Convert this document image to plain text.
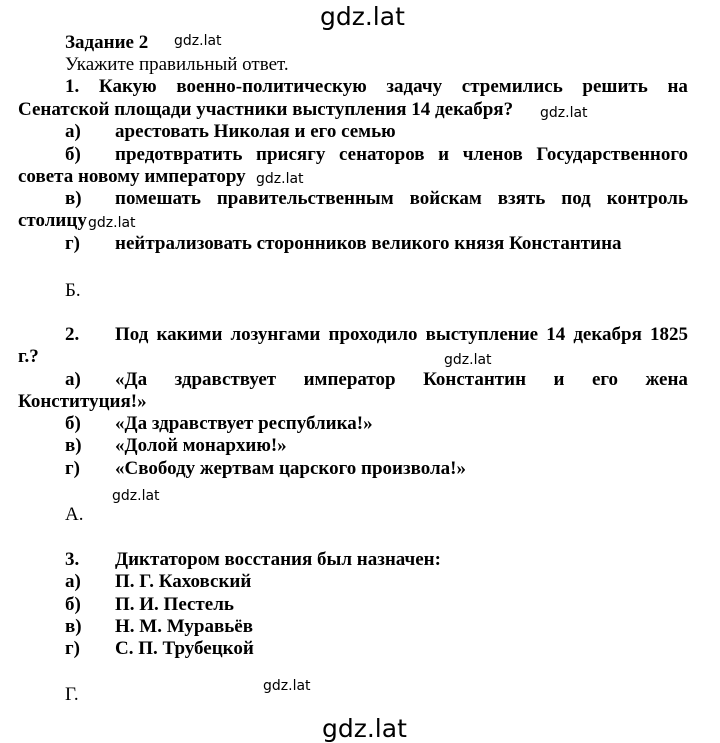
gdz.lat
gdz.lat
gdz.lat
gdz.lat
gdz.lat
gdz.lat
gdz.lat
gdz.lat
gdz.lat
Задание 2
Укажите правильный ответ.
1. Какую военно-политическую задачу стремились решить на
Сенатской площади участники выступления 14 декабря?
а) арестовать Николая и его семью
б) предотвратить присягу сенаторов и членов Государственного
совета новому императору
в) помешать правительственным войскам взять под контроль
столицу
г) нейтрализовать сторонников великого князя Константина
Б.
2. Под какими лозунгами проходило выступление 14 декабря 1825
г.?
а) «Да здравствует император Константин и его жена
Конституция!»
б) «Да здравствует республика!»
в) «Долой монархию!»
г) «Свободу жертвам царского произвола!»
А.
3. Диктатором восстания был назначен:
а) П. Г. Каховский
б) П. И. Пестель
в) Н. М. Муравьёв
г) С. П. Трубецкой
Г.
